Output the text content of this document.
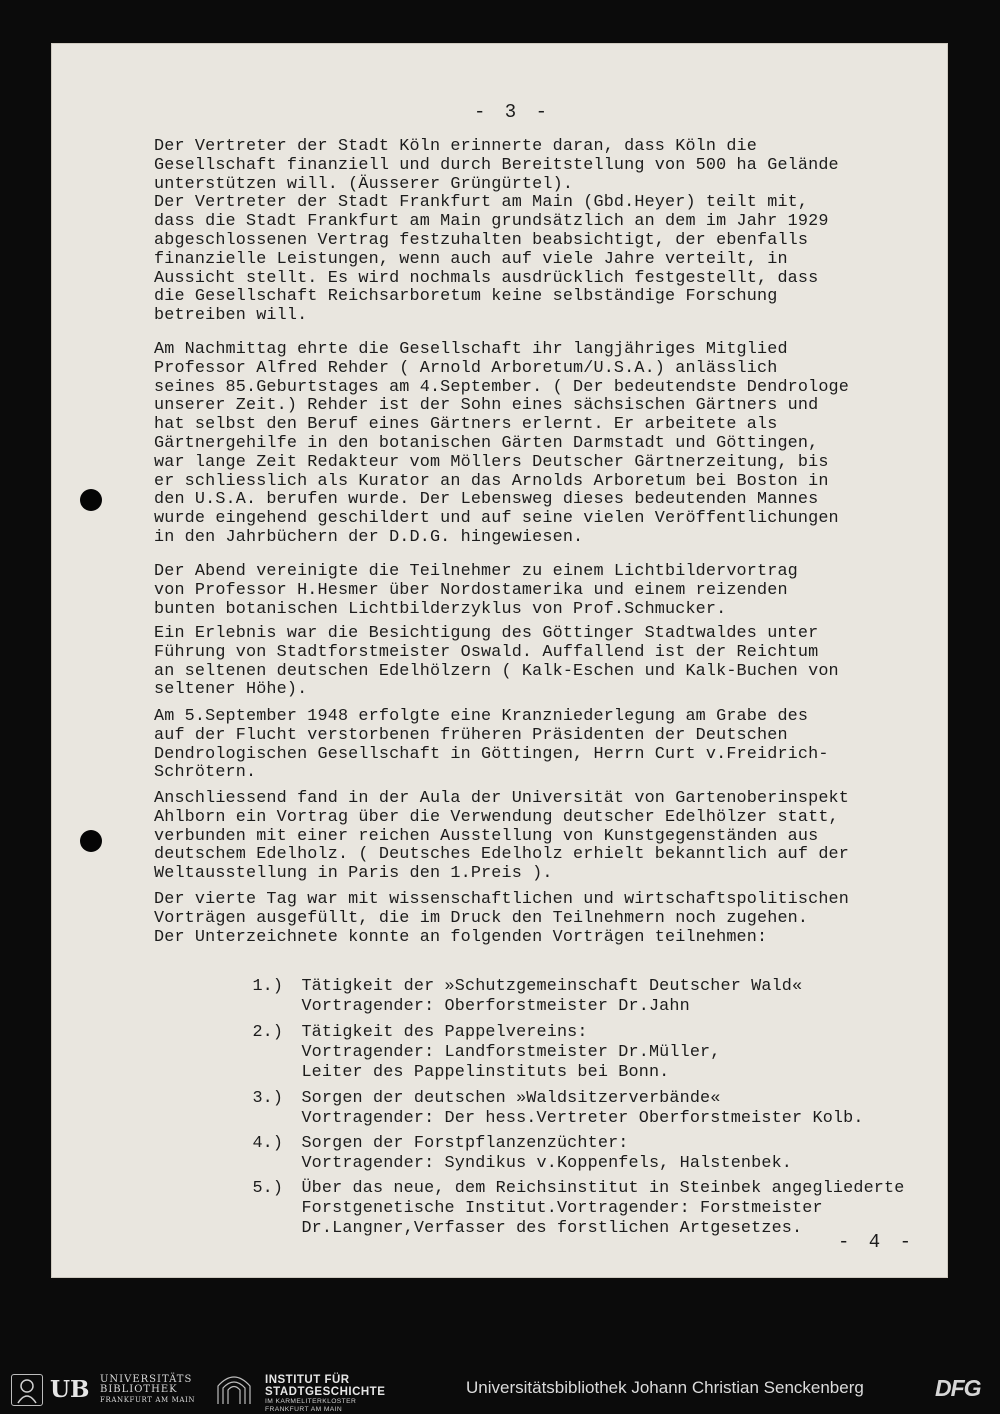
- 3 -

Der Vertreter der Stadt Köln erinnerte daran, dass Köln die
Gesellschaft finanziell und durch Bereitstellung von 500 ha Gelände
unterstützen will. (Äusserer Grüngürtel).
Der Vertreter der Stadt Frankfurt am Main (Gbd.Heyer) teilt mit,
dass die Stadt Frankfurt am Main grundsätzlich an dem im Jahr 1929
abgeschlossenen Vertrag festzuhalten beabsichtigt, der ebenfalls
finanzielle Leistungen, wenn auch auf viele Jahre verteilt, in
Aussicht stellt. Es wird nochmals ausdrücklich festgestellt, dass
die Gesellschaft Reichsarboretum keine selbständige Forschung
betreiben will.

Am Nachmittag ehrte die Gesellschaft ihr langjähriges Mitglied
Professor Alfred Rehder ( Arnold Arboretum/U.S.A.) anlässlich
seines 85.Geburtstages am 4.September. ( Der bedeutendste Dendrologe
unserer Zeit.) Rehder ist der Sohn eines sächsischen Gärtners und
hat selbst den Beruf eines Gärtners erlernt. Er arbeitete als
Gärtnergehilfe in den botanischen Gärten Darmstadt und Göttingen,
war lange Zeit Redakteur vom Möllers Deutscher Gärtnerzeitung, bis
er schliesslich als Kurator an das Arnolds Arboretum bei Boston in
den U.S.A. berufen wurde. Der Lebensweg dieses bedeutenden Mannes
wurde eingehend geschildert und auf seine vielen Veröffentlichungen
in den Jahrbüchern der D.D.G. hingewiesen.

Der Abend vereinigte die Teilnehmer zu einem Lichtbildervortrag
von Professor H.Hesmer über Nordostamerika und einem reizenden
bunten botanischen Lichtbilderzyklus von Prof.Schmucker.

Ein Erlebnis war die Besichtigung des Göttinger Stadtwaldes unter
Führung von Stadtforstmeister Oswald. Auffallend ist der Reichtum
an seltenen deutschen Edelhölzern ( Kalk-Eschen und Kalk-Buchen von
seltener Höhe).

Am 5.September 1948 erfolgte eine Kranzniederlegung am Grabe des
auf der Flucht verstorbenen früheren Präsidenten der Deutschen
Dendrologischen Gesellschaft in Göttingen, Herrn Curt v.Freidrich-
Schrötern.

Anschliessend fand in der Aula der Universität von Gartenoberinspekt
Ahlborn ein Vortrag über die Verwendung deutscher Edelhölzer statt,
verbunden mit einer reichen Ausstellung von Kunstgegenständen aus
deutschem Edelholz. ( Deutsches Edelholz erhielt bekanntlich auf der
Weltausstellung in Paris den 1.Preis ).

Der vierte Tag war mit wissenschaftlichen und wirtschaftspolitischen
Vorträgen ausgefüllt, die im Druck den Teilnehmern noch zugehen.
Der Unterzeichnete konnte an folgenden Vorträgen teilnehmen:

1.) Tätigkeit der »Schutzgemeinschaft Deutscher Wald«
Vortragender: Oberforstmeister Dr.Jahn

2.) Tätigkeit des Pappelvereins:
Vortragender: Landforstmeister Dr.Müller,
Leiter des Pappelinstituts bei Bonn.

3.) Sorgen der deutschen »Waldsitzerverbände«
Vortragender: Der hess.Vertreter Oberforstmeister Kolb.

4.) Sorgen der Forstpflanzenzüchter:
Vortragender: Syndikus v.Koppenfels, Halstenbek.

5.) Über das neue, dem Reichsinstitut in Steinbek angegliederte
Forstgenetische Institut.Vortragender: Forstmeister
Dr.Langner,Verfasser des forstlichen Artgesetzes.

- 4 -
UB UNIVERSITÄTS
BIBLIOTHEK
FRANKFURT AM MAIN
INSTITUT FÜR
STADTGESCHICHTE
IM KARMELITERKLOSTER
FRANKFURT AM MAIN
Universitätsbibliothek Johann Christian Senckenberg	DFG
